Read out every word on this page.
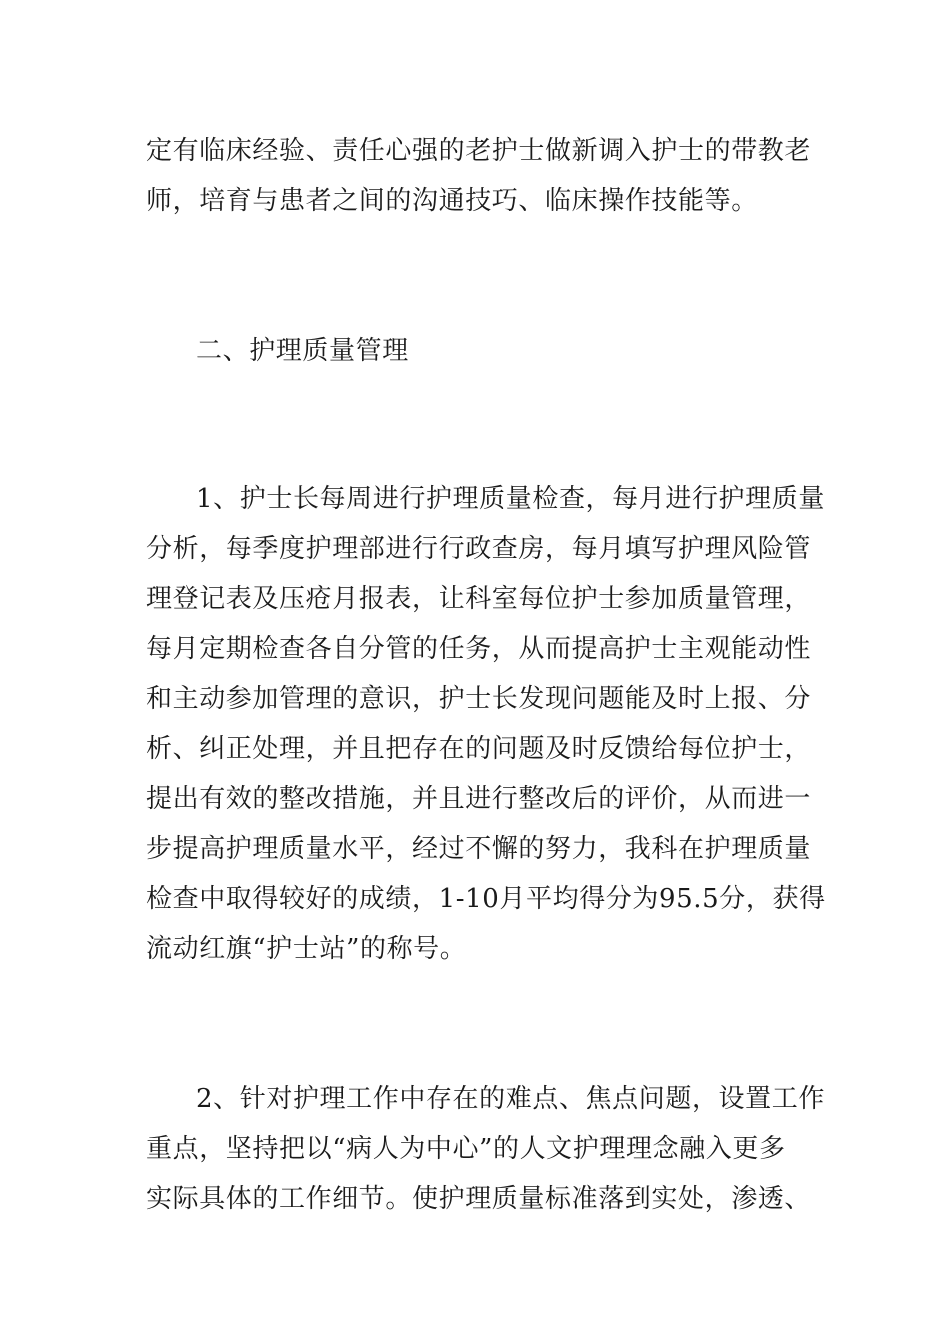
定有临床经验、责任心强的老护士做新调入护士的带教老
师，培育与患者之间的沟通技巧、临床操作技能等。
二、护理质量管理
1、护士长每周进行护理质量检查，每月进行护理质量
分析，每季度护理部进行行政查房，每月填写护理风险管
理登记表及压疮月报表，让科室每位护士参加质量管理，
每月定期检查各自分管的任务，从而提高护士主观能动性
和主动参加管理的意识，护士长发现问题能及时上报、分
析、纠正处理，并且把存在的问题及时反馈给每位护士，
提出有效的整改措施，并且进行整改后的评价，从而进一
步提高护理质量水平，经过不懈的努力，我科在护理质量
检查中取得较好的成绩，1-10月平均得分为95.5分，获得
流动红旗“护士站”的称号。
2、针对护理工作中存在的难点、焦点问题，设置工作
重点，坚持把以“病人为中心”的人文护理理念融入更多
实际具体的工作细节。使护理质量标准落到实处，渗透、
